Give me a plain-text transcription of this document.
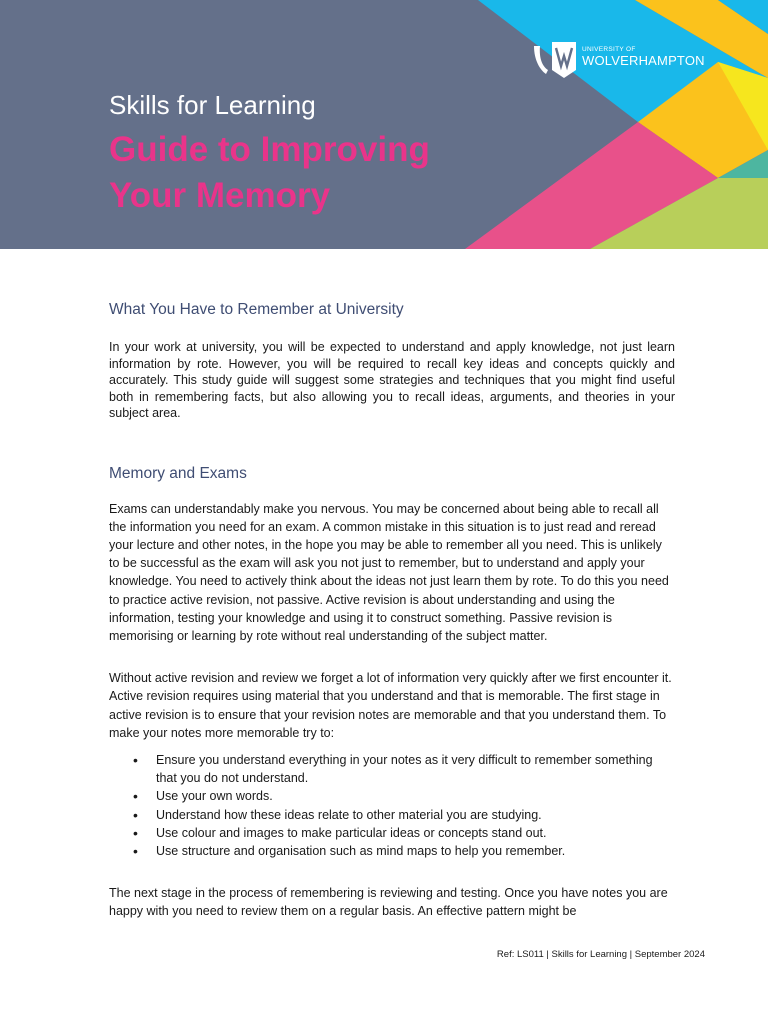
UNIVERSITY OF
WOLVERHAMPTON
Skills for Learning
Guide to Improving
Your Memory
What You Have to Remember at University

In your work at university, you will be expected to understand and apply knowledge, not just learn information by rote. However, you will be required to recall key ideas and concepts quickly and accurately. This study guide will suggest some strategies and techniques that you might find useful both in remembering facts, but also allowing you to recall ideas, arguments, and theories in your subject area.

Memory and Exams

Exams can understandably make you nervous. You may be concerned about being able to recall all the information you need for an exam. A common mistake in this situation is to just read and reread your lecture and other notes, in the hope you may be able to remember all you need. This is unlikely to be successful as the exam will ask you not just to remember, but to understand and apply your knowledge. You need to actively think about the ideas not just learn them by rote. To do this you need to practice active revision, not passive. Active revision is about understanding and using the information, testing your knowledge and using it to construct something. Passive revision is memorising or learning by rote without real understanding of the subject matter.

Without active revision and review we forget a lot of information very quickly after we first encounter it. Active revision requires using material that you understand and that is memorable. The first stage in active revision is to ensure that your revision notes are memorable and that you understand them. To make your notes more memorable try to:

• Ensure you understand everything in your notes as it very difficult to remember something that you do not understand.
• Use your own words.
• Understand how these ideas relate to other material you are studying.
• Use colour and images to make particular ideas or concepts stand out.
• Use structure and organisation such as mind maps to help you remember.

The next stage in the process of remembering is reviewing and testing. Once you have notes you are happy with you need to review them on a regular basis. An effective pattern might be

Ref: LS011 | Skills for Learning | September 2024
